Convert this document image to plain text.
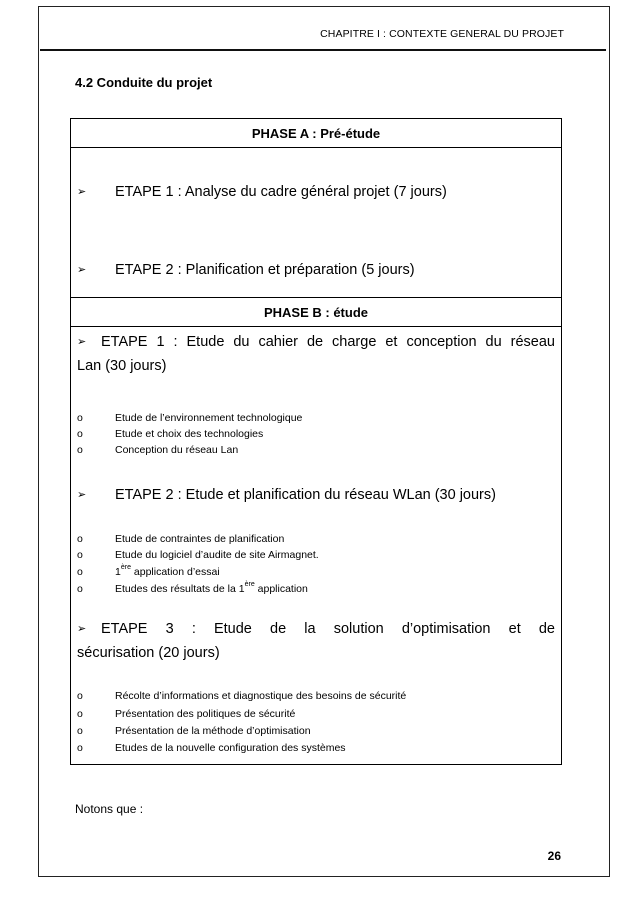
CHAPITRE I : CONTEXTE GENERAL DU PROJET
4.2 Conduite du projet
PHASE A : Pré-étude
➢ ETAPE 1 : Analyse du cadre général projet (7 jours)
➢ ETAPE 2 : Planification et préparation (5 jours)
PHASE B : étude
➢ ETAPE 1 : Etude du cahier de charge et conception du réseau
Lan (30 jours)
o	Etude de l’environnement technologique
o	Etude et choix des technologies
o	Conception du réseau Lan
➢ ETAPE 2 : Etude et planification du réseau WLan (30 jours)
o	Etude de contraintes de planification
o	Etude du logiciel d’audite de site Airmagnet.
o	1ère application d’essai
o	Etudes des résultats de la 1ère application
➢ ETAPE 3 : Etude de la solution d’optimisation et de
sécurisation (20 jours)
o	Récolte d’informations et diagnostique des besoins de sécurité
o	Présentation des politiques de sécurité
o	Présentation de la méthode d’optimisation
o	Etudes de la nouvelle configuration des systèmes
Notons que :
26
